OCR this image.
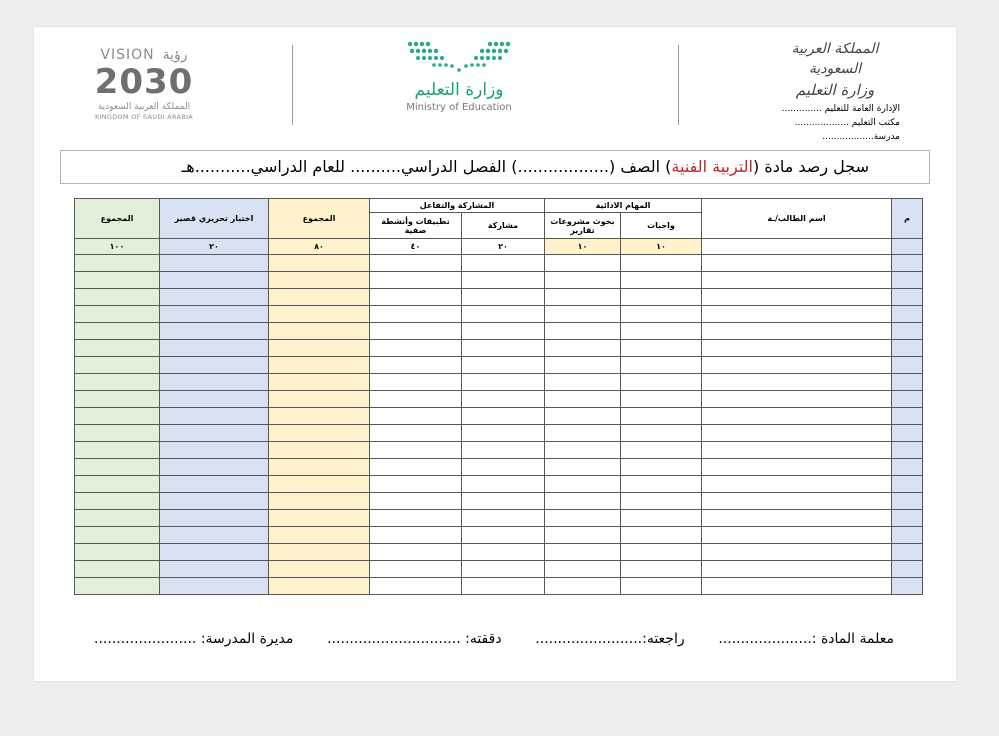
VISION رؤية
2030
المملكة العربية السعودية
KINGDOM OF SAUDI ARABIA
وزارة التعليم
Ministry of Education
المملكة العربية السعودية
وزارة التعليم
الإدارة العامة للتعليم ..............
مكتب التعليم ...................
مدرسة..................
سجل رصد مادة (التربية الفنية) الصف (..................) الفصل الدراسي.......... للعام الدراسي...........هـ
م	اسم الطالب/ـة	المهام الادائية		المشاركة والتفاعل		المجموع	اختبار تحريري قصير	المجموع
		واجبات	بحوث مشروعات تقارير	مشاركة	تطبيقات وأنشطة صفية			
		١٠	١٠	٢٠	٤٠	٨٠	٢٠	١٠٠

معلمة المادة :.....................
راجعته:........................
دققته: ..............................
مديرة المدرسة: .......................
